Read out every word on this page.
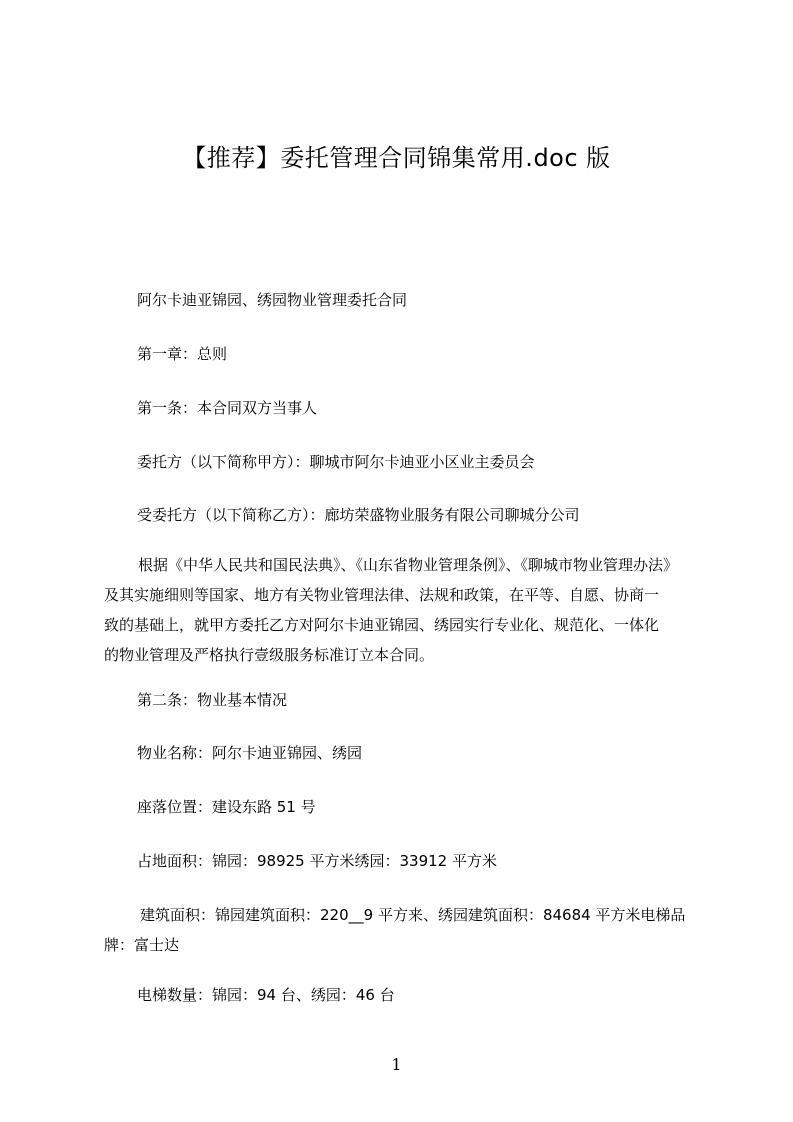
【推荐】委托管理合同锦集常用.doc 版
阿尔卡迪亚锦园、绣园物业管理委托合同
第一章：总则
第一条：本合同双方当事人
委托方（以下简称甲方）：聊城市阿尔卡迪亚小区业主委员会
受委托方（以下简称乙方）：廊坊荣盛物业服务有限公司聊城分公司
根据《中华人民共和国民法典》、《山东省物业管理条例》、《聊城市物业管理办法》
及其实施细则等国家、地方有关物业管理法律、法规和政策，在平等、自愿、协商一
致的基础上，就甲方委托乙方对阿尔卡迪亚锦园、绣园实行专业化、规范化、一体化
的物业管理及严格执行壹级服务标准订立本合同。
第二条：物业基本情况
物业名称：阿尔卡迪亚锦园、绣园
座落位置：建设东路 51 号
占地面积：锦园：98925 平方米绣园：33912 平方米
建筑面积：锦园建筑面积：220__9 平方来、绣园建筑面积：84684 平方米电梯品
牌：富士达
电梯数量：锦园：94 台、绣园：46 台
1
